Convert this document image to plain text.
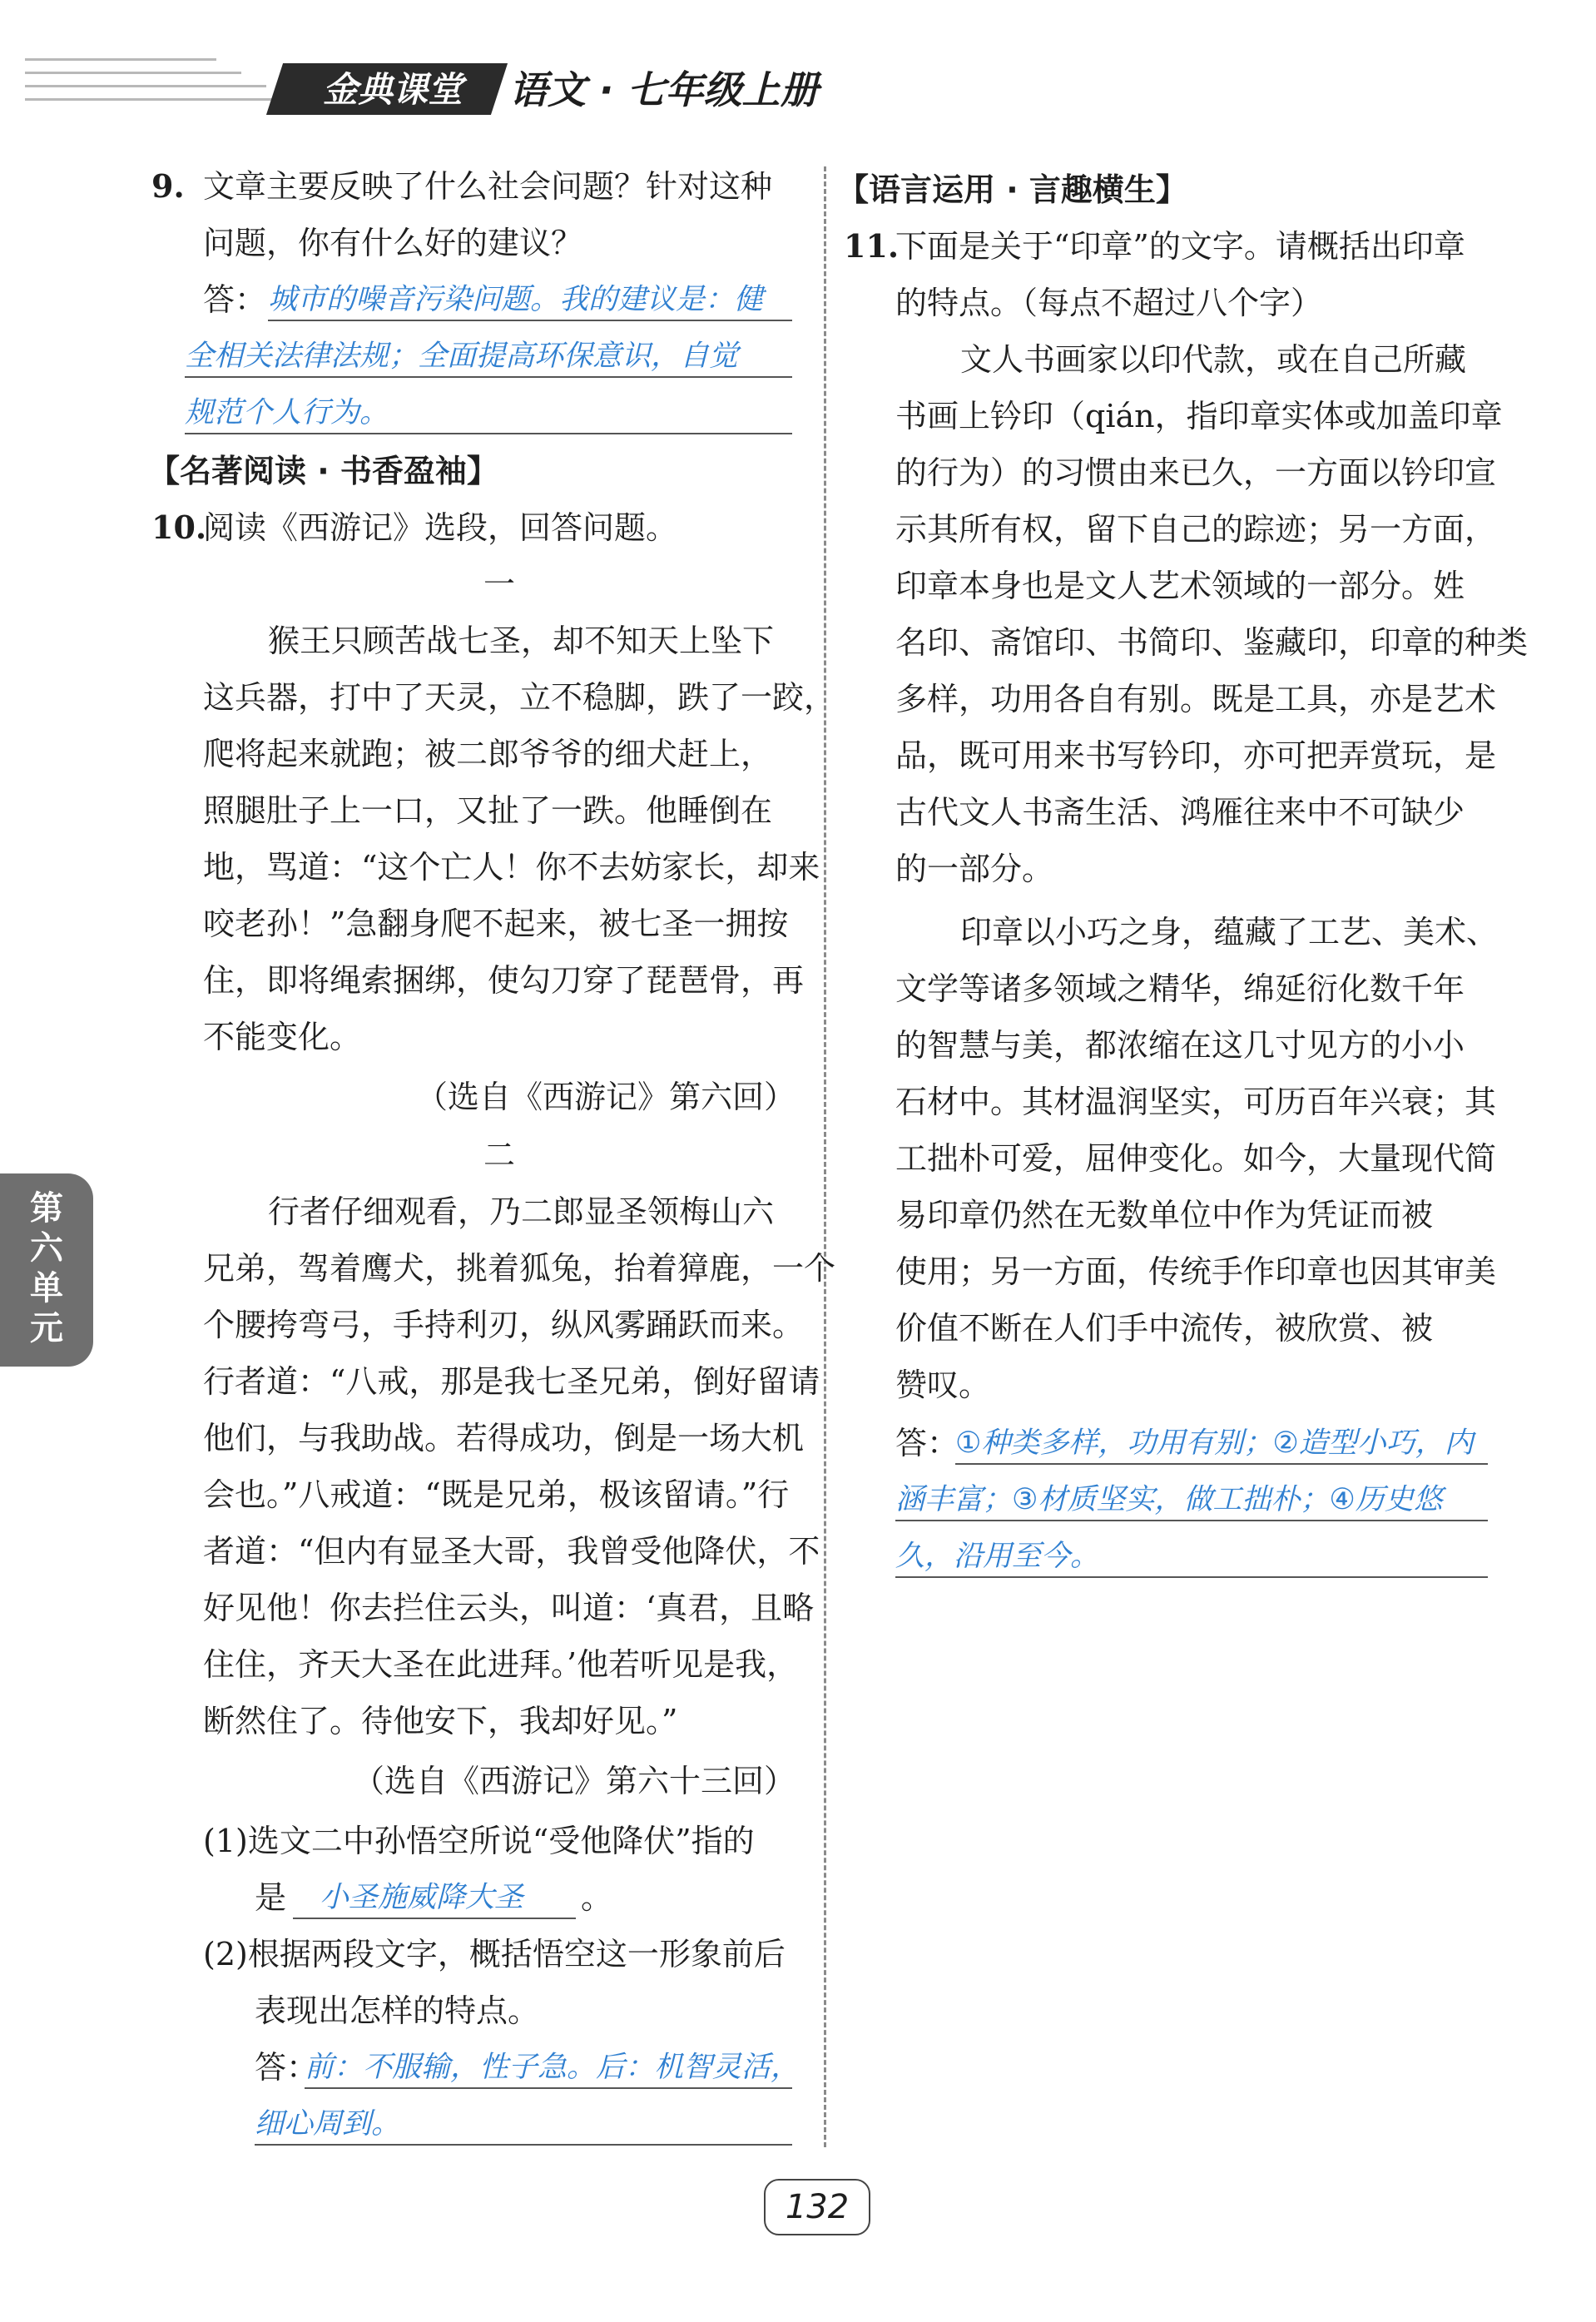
金典课堂	语文 · 七年级上册
第六单元
9. 文章主要反映了什么社会问题？针对这种
问题，你有什么好的建议？
答： 城市的噪音污染问题。我的建议是：健
全相关法律法规；全面提高环保意识，自觉
规范个人行为。
【名著阅读 · 书香盈袖】
10.
阅读《西游记》选段，回答问题。
一
猴王只顾苦战七圣，却不知天上坠下
这兵器，打中了天灵，立不稳脚，跌了一跤，
爬将起来就跑；被二郎爷爷的细犬赶上，
照腿肚子上一口，又扯了一跌。他睡倒在
地，骂道：“这个亡人！你不去妨家长，却来
咬老孙！”急翻身爬不起来，被七圣一拥按
住，即将绳索捆绑，使勾刀穿了琵琶骨，再
不能变化。
（选自《西游记》第六回）
二
行者仔细观看，乃二郎显圣领梅山六
兄弟，驾着鹰犬，挑着狐兔，抬着獐鹿，一个
个腰挎弯弓，手持利刃，纵风雾踊跃而来。
行者道：“八戒，那是我七圣兄弟，倒好留请
他们，与我助战。若得成功，倒是一场大机
会也。”八戒道：“既是兄弟，极该留请。”行
者道：“但内有显圣大哥，我曾受他降伏，不
好见他！你去拦住云头，叫道：‘真君，且略
住住，齐天大圣在此进拜。’他若听见是我，
断然住了。待他安下，我却好见。”
（选自《西游记》第六十三回）
(1)选文二中孙悟空所说“受他降伏”指的
是 小圣施威降大圣 。
(2)根据两段文字，概括悟空这一形象前后
表现出怎样的特点。
答：
前：不服输，性子急。后：机智灵活，
细心周到。
【语言运用 · 言趣横生】
11.
下面是关于“印章”的文字。请概括出印章
的特点。（每点不超过八个字）
文人书画家以印代款，或在自己所藏
书画上钤印（qián，指印章实体或加盖印章
的行为）的习惯由来已久，一方面以钤印宣
示其所有权，留下自己的踪迹；另一方面，
印章本身也是文人艺术领域的一部分。姓
名印、斋馆印、书简印、鉴藏印，印章的种类
多样，功用各自有别。既是工具，亦是艺术
品，既可用来书写钤印，亦可把弄赏玩，是
古代文人书斋生活、鸿雁往来中不可缺少
的一部分。
印章以小巧之身，蕴藏了工艺、美术、
文学等诸多领域之精华，绵延衍化数千年
的智慧与美，都浓缩在这几寸见方的小小
石材中。其材温润坚实，可历百年兴衰；其
工拙朴可爱，屈伸变化。如今，大量现代简
易印章仍然在无数单位中作为凭证而被
使用；另一方面，传统手作印章也因其审美
价值不断在人们手中流传，被欣赏、被
赞叹。
答：
①种类多样，功用有别；②造型小巧，内
涵丰富；③材质坚实，做工拙朴；④历史悠
久，沿用至今。
132
